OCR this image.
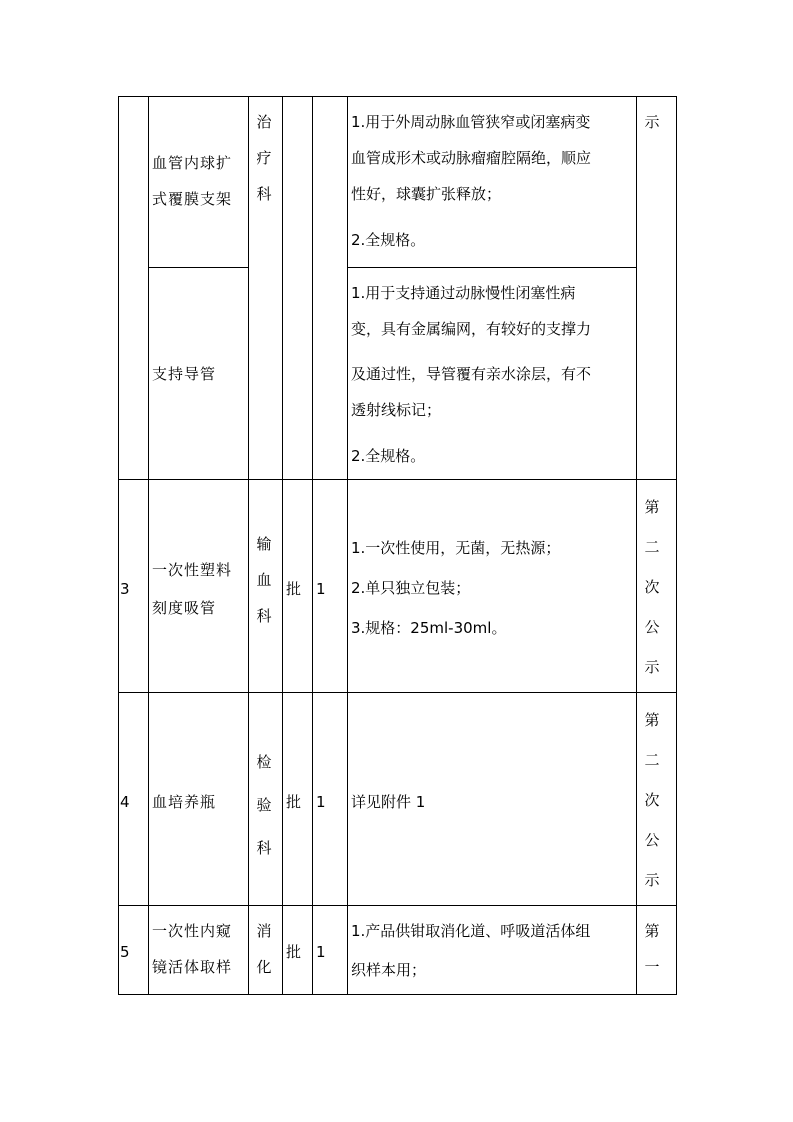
血管内球扩
式覆膜支架
治
疗
科
1.用于外周动脉血管狭窄或闭塞病变
血管成形术或动脉瘤瘤腔隔绝，顺应
性好，球囊扩张释放；
2.全规格。
示
支持导管
1.用于支持通过动脉慢性闭塞性病
变，具有金属编网，有较好的支撑力
及通过性，导管覆有亲水涂层，有不
透射线标记；
2.全规格。
3
一次性塑料
刻度吸管
输
血
科
批 1
1.一次性使用，无菌，无热源；
2.单只独立包装；
3.规格：25ml-30ml。
第
二
次
公
示
4 血培养瓶
检
验
科
批 1 详见附件 1
第
二
次
公
示
5
一次性内窥
镜活体取样
消
化
批 1
1.产品供钳取消化道、呼吸道活体组
织样本用；
第
一
